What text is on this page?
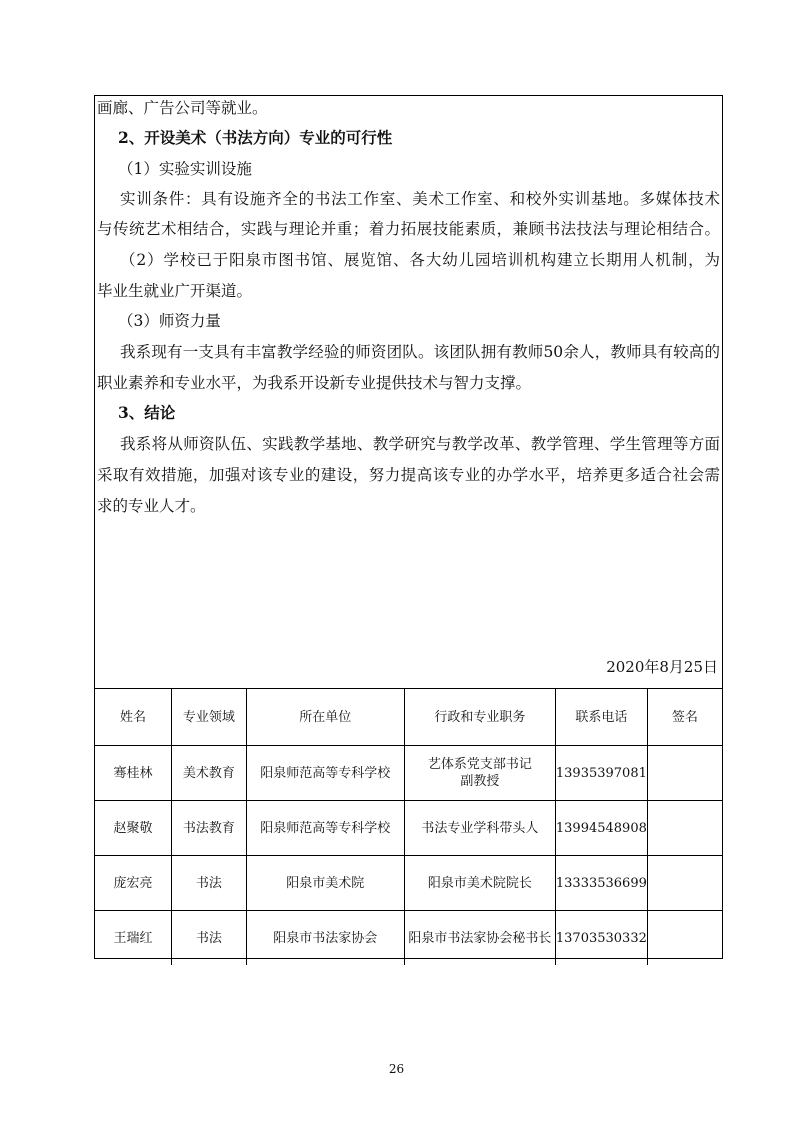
画廊、广告公司等就业。
2、开设美术（书法方向）专业的可行性
（1）实验实训设施
实训条件：具有设施齐全的书法工作室、美术工作室、和校外实训基地。多媒体技术
与传统艺术相结合，实践与理论并重；着力拓展技能素质，兼顾书法技法与理论相结合。
（2）学校已于阳泉市图书馆、展览馆、各大幼儿园培训机构建立长期用人机制，为
毕业生就业广开渠道。
（3）师资力量
我系现有一支具有丰富教学经验的师资团队。该团队拥有教师50余人，教师具有较高的
职业素养和专业水平，为我系开设新专业提供技术与智力支撑。
3、结论
我系将从师资队伍、实践教学基地、教学研究与教学改革、教学管理、学生管理等方面
采取有效措施，加强对该专业的建设，努力提高该专业的办学水平，培养更多适合社会需
求的专业人才。
2020年8月25日
姓名	专业领域	所在单位	行政和专业职务	联系电话	签名
骞桂林	美术教育	阳泉师范高等专科学校	艺体系党支部书记
副教授	13935397081	
赵聚敬	书法教育	阳泉师范高等专科学校	书法专业学科带头人	13994548908	
庞宏亮	书法	阳泉市美术院	阳泉市美术院院长	13333536699	
王瑞红	书法	阳泉市书法家协会	阳泉市书法家协会秘书长	13703530332	
26
